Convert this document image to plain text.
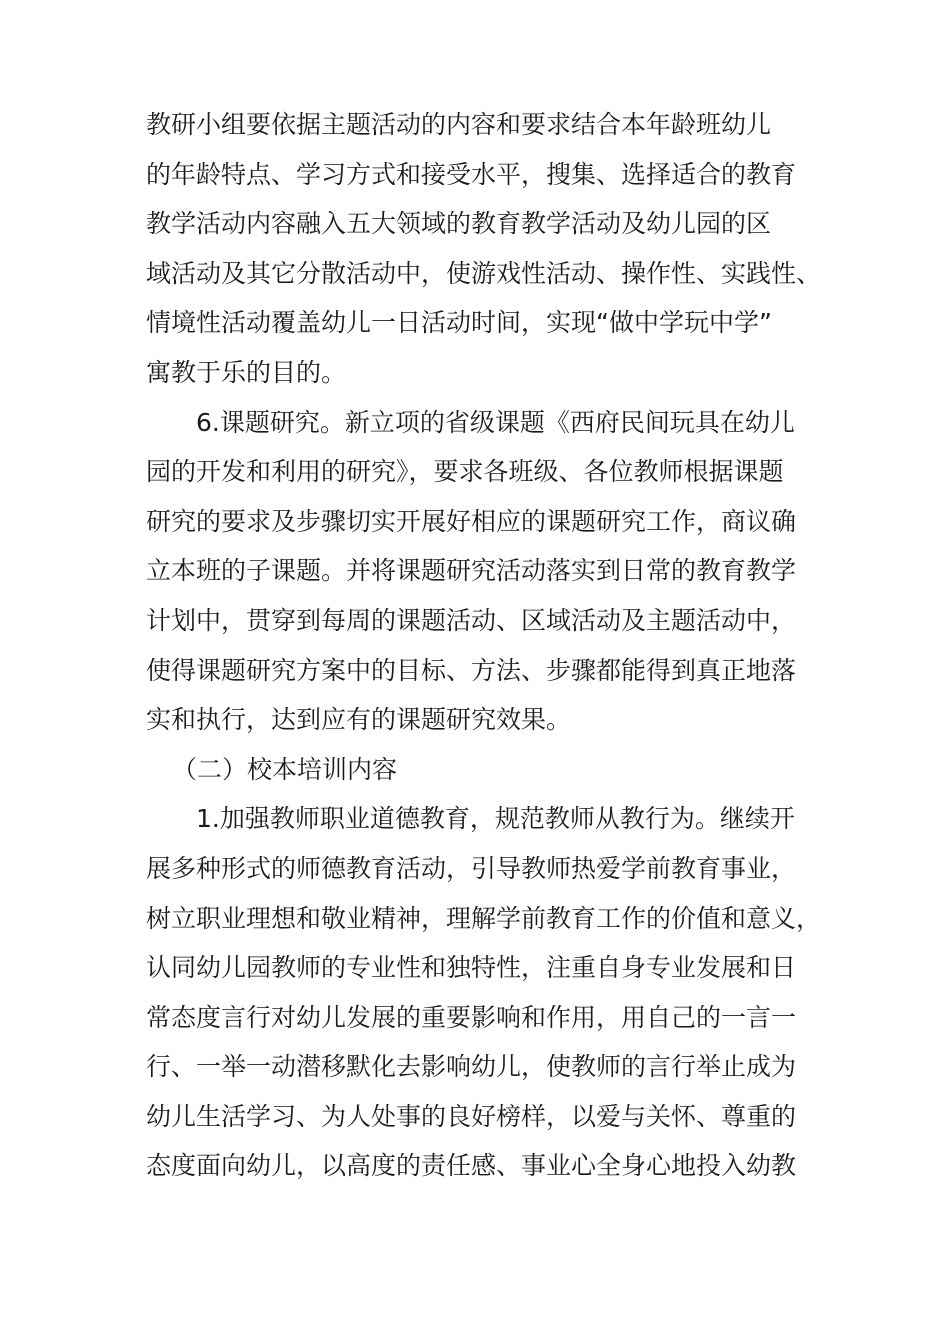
教研小组要依据主题活动的内容和要求结合本年龄班幼儿
的年龄特点、学习方式和接受水平，搜集、选择适合的教育
教学活动内容融入五大领域的教育教学活动及幼儿园的区
域活动及其它分散活动中，使游戏性活动、操作性、实践性、
情境性活动覆盖幼儿一日活动时间，实现“做中学玩中学”
寓教于乐的目的。
6.课题研究。新立项的省级课题《西府民间玩具在幼儿
园的开发和利用的研究》，要求各班级、各位教师根据课题
研究的要求及步骤切实开展好相应的课题研究工作，商议确
立本班的子课题。并将课题研究活动落实到日常的教育教学
计划中，贯穿到每周的课题活动、区域活动及主题活动中，
使得课题研究方案中的目标、方法、步骤都能得到真正地落
实和执行，达到应有的课题研究效果。
（二）校本培训内容
1.加强教师职业道德教育，规范教师从教行为。继续开
展多种形式的师德教育活动，引导教师热爱学前教育事业，
树立职业理想和敬业精神，理解学前教育工作的价值和意义，
认同幼儿园教师的专业性和独特性，注重自身专业发展和日
常态度言行对幼儿发展的重要影响和作用，用自己的一言一
行、一举一动潜移默化去影响幼儿，使教师的言行举止成为
幼儿生活学习、为人处事的良好榜样，以爱与关怀、尊重的
态度面向幼儿，以高度的责任感、事业心全身心地投入幼教
